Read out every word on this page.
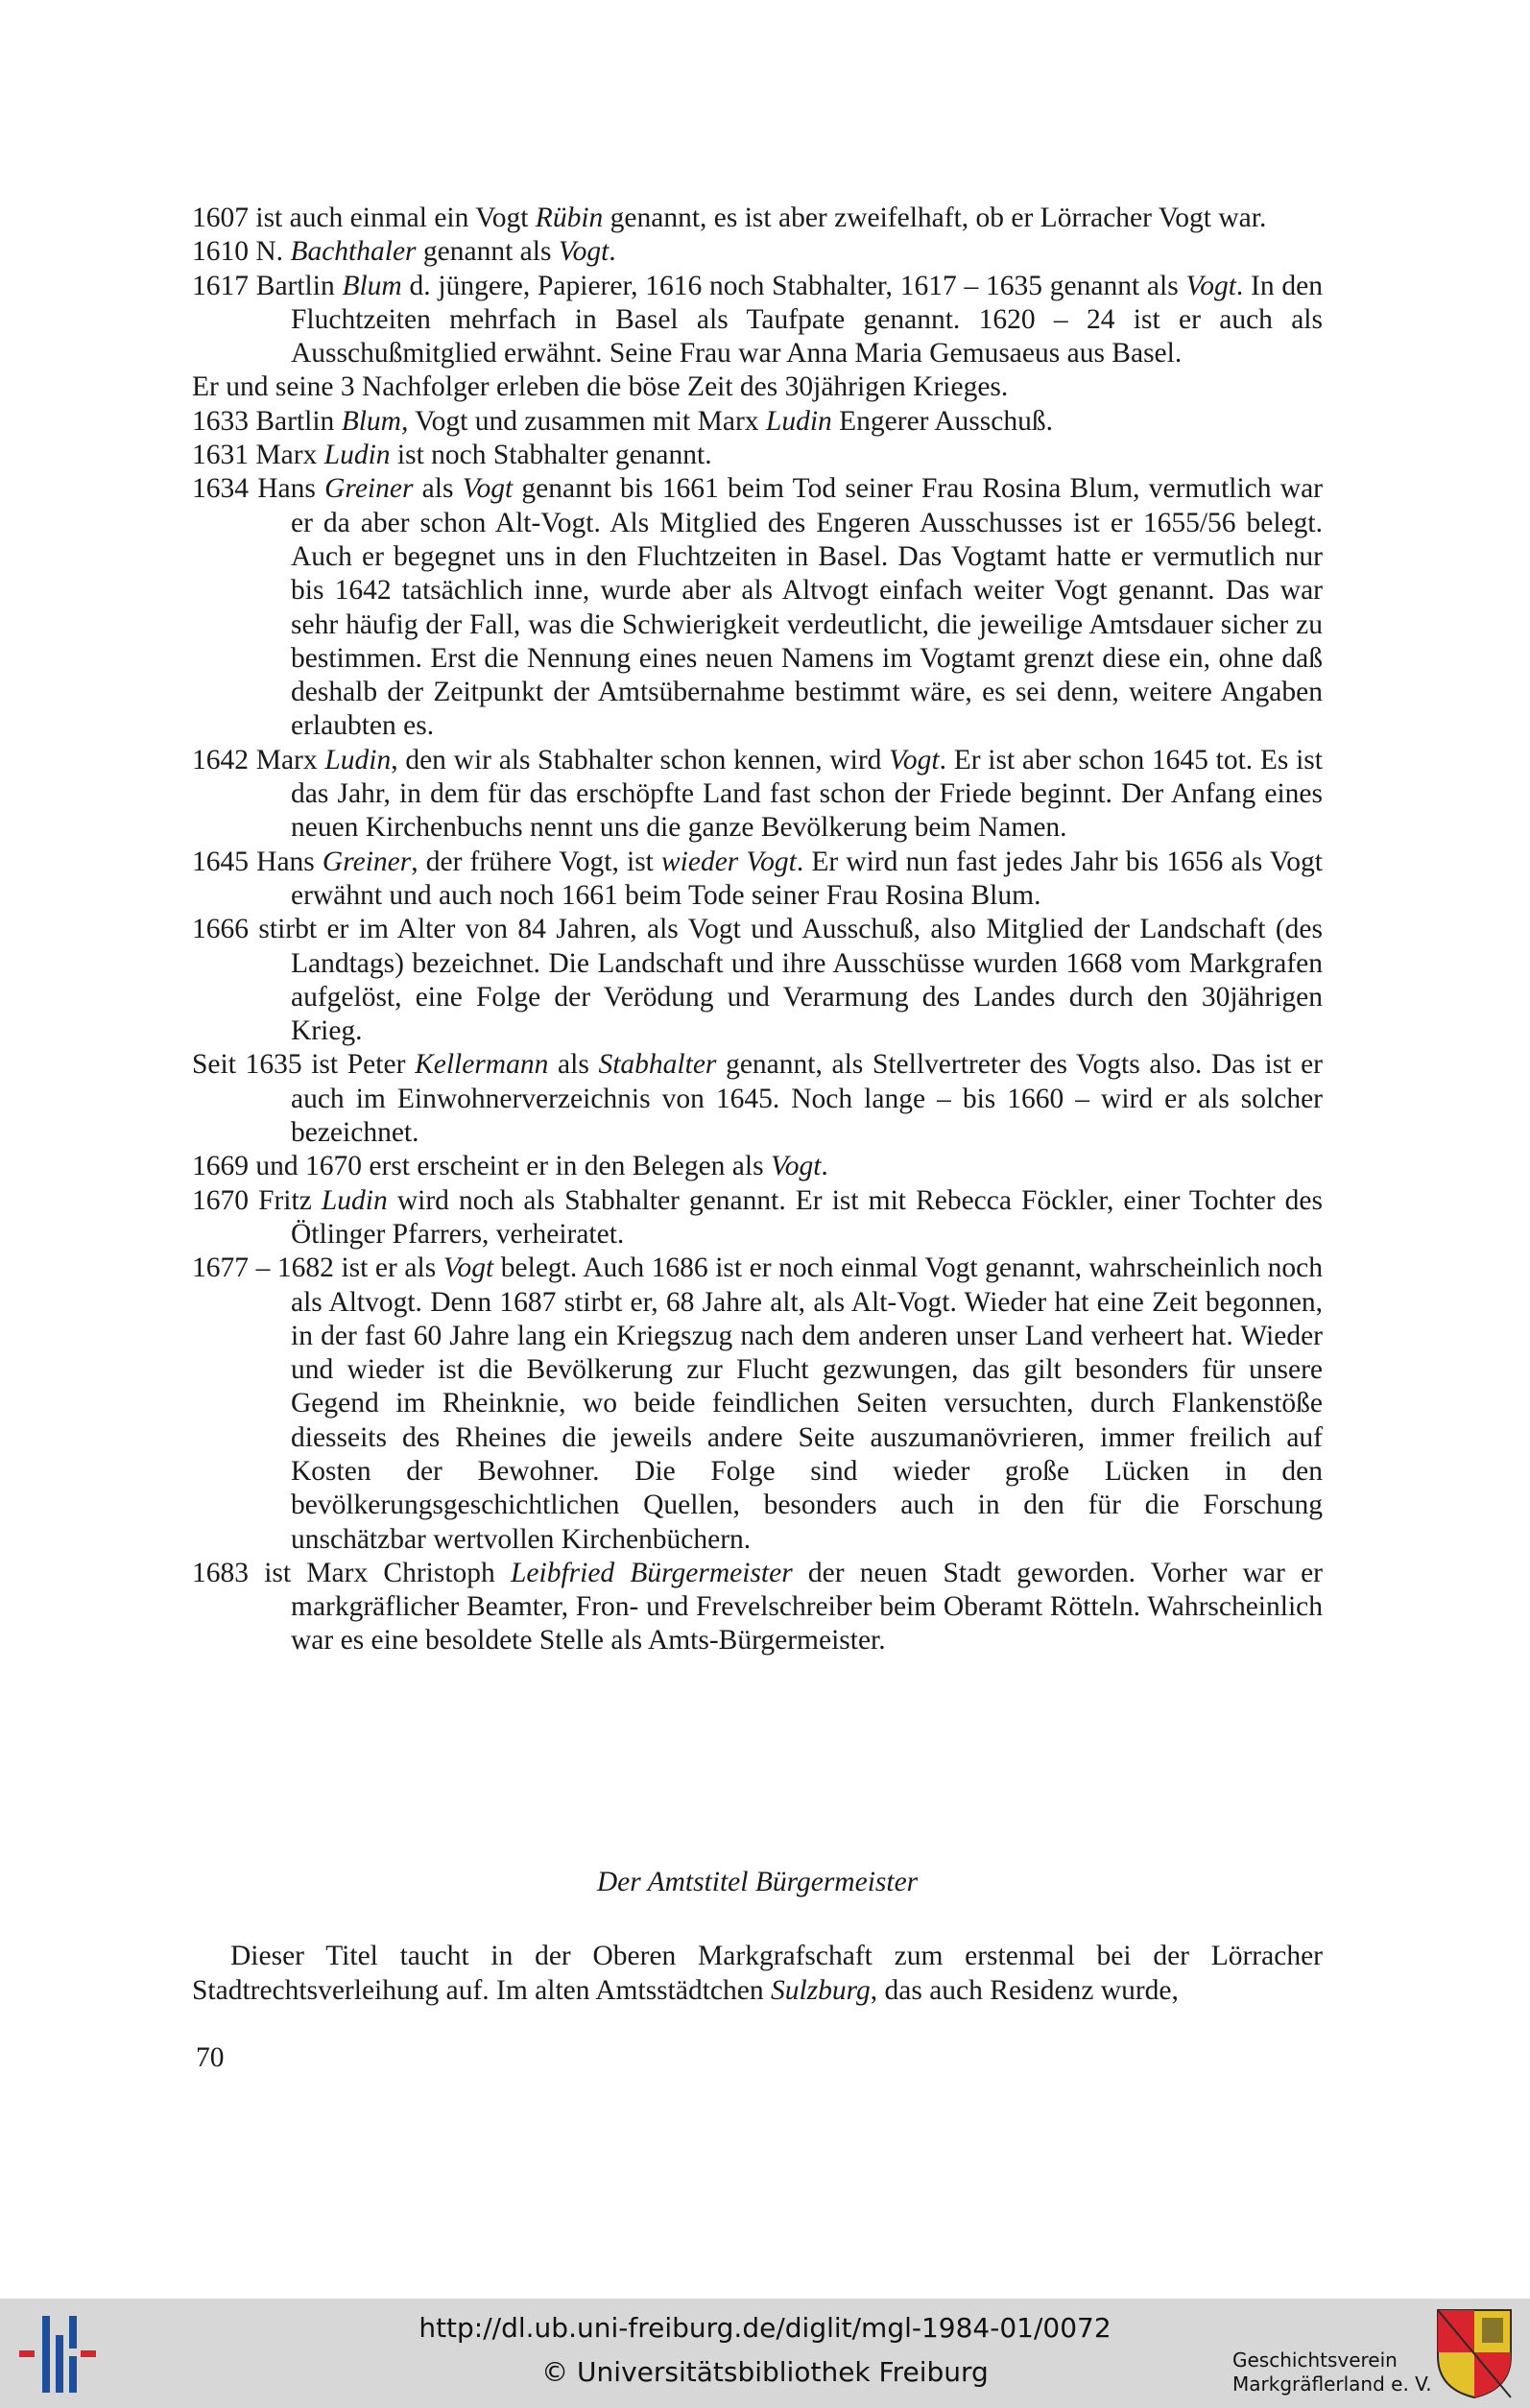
1607 ist auch einmal ein Vogt Rübin genannt, es ist aber zweifelhaft, ob er Lörracher Vogt war.
1610 N. Bachthaler genannt als Vogt.
1617 Bartlin Blum d. jüngere, Papierer, 1616 noch Stabhalter, 1617 – 1635 genannt als Vogt. In den Fluchtzeiten mehrfach in Basel als Taufpate genannt. 1620 – 24 ist er auch als Ausschußmitglied erwähnt. Seine Frau war Anna Maria Gemusaeus aus Basel.
Er und seine 3 Nachfolger erleben die böse Zeit des 30jährigen Krieges.
1633 Bartlin Blum, Vogt und zusammen mit Marx Ludin Engerer Ausschuß.
1631 Marx Ludin ist noch Stabhalter genannt.
1634 Hans Greiner als Vogt genannt bis 1661 beim Tod seiner Frau Rosina Blum, vermutlich war er da aber schon Alt-Vogt. Als Mitglied des Engeren Ausschusses ist er 1655/56 belegt. Auch er begegnet uns in den Fluchtzeiten in Basel. Das Vogtamt hatte er vermutlich nur bis 1642 tatsächlich inne, wurde aber als Altvogt einfach weiter Vogt genannt. Das war sehr häufig der Fall, was die Schwierigkeit verdeutlicht, die jeweilige Amtsdauer sicher zu bestimmen. Erst die Nennung eines neuen Namens im Vogtamt grenzt diese ein, ohne daß deshalb der Zeitpunkt der Amtsübernahme bestimmt wäre, es sei denn, weitere Angaben erlaubten es.
1642 Marx Ludin, den wir als Stabhalter schon kennen, wird Vogt. Er ist aber schon 1645 tot. Es ist das Jahr, in dem für das erschöpfte Land fast schon der Friede beginnt. Der Anfang eines neuen Kirchenbuchs nennt uns die ganze Bevölkerung beim Namen.
1645 Hans Greiner, der frühere Vogt, ist wieder Vogt. Er wird nun fast jedes Jahr bis 1656 als Vogt erwähnt und auch noch 1661 beim Tode seiner Frau Rosina Blum.
1666 stirbt er im Alter von 84 Jahren, als Vogt und Ausschuß, also Mitglied der Landschaft (des Landtags) bezeichnet. Die Landschaft und ihre Ausschüsse wurden 1668 vom Markgrafen aufgelöst, eine Folge der Verödung und Verarmung des Landes durch den 30jährigen Krieg.
Seit 1635 ist Peter Kellermann als Stabhalter genannt, als Stellvertreter des Vogts also. Das ist er auch im Einwohnerverzeichnis von 1645. Noch lange – bis 1660 – wird er als solcher bezeichnet.
1669 und 1670 erst erscheint er in den Belegen als Vogt.
1670 Fritz Ludin wird noch als Stabhalter genannt. Er ist mit Rebecca Föckler, einer Tochter des Ötlinger Pfarrers, verheiratet.
1677 – 1682 ist er als Vogt belegt. Auch 1686 ist er noch einmal Vogt genannt, wahrscheinlich noch als Altvogt. Denn 1687 stirbt er, 68 Jahre alt, als Alt-Vogt. Wieder hat eine Zeit begonnen, in der fast 60 Jahre lang ein Kriegszug nach dem anderen unser Land verheert hat. Wieder und wieder ist die Bevölkerung zur Flucht gezwungen, das gilt besonders für unsere Gegend im Rheinknie, wo beide feindlichen Seiten versuchten, durch Flankenstöße diesseits des Rheines die jeweils andere Seite auszumanövrieren, immer freilich auf Kosten der Bewohner. Die Folge sind wieder große Lücken in den bevölkerungsgeschichtlichen Quellen, besonders auch in den für die Forschung unschätzbar wertvollen Kirchenbüchern.
1683 ist Marx Christoph Leibfried Bürgermeister der neuen Stadt geworden. Vorher war er markgräflicher Beamter, Fron- und Frevelschreiber beim Oberamt Rötteln. Wahrscheinlich war es eine besoldete Stelle als Amts-Bürgermeister.
Der Amtstitel Bürgermeister
Dieser Titel taucht in der Oberen Markgrafschaft zum erstenmal bei der Lörracher Stadtrechtsverleihung auf. Im alten Amtsstädtchen Sulzburg, das auch Residenz wurde,
70
http://dl.ub.uni-freiburg.de/diglit/mgl-1984-01/0072
© Universitätsbibliothek Freiburg	Geschichtsverein
Markgräflerland e. V.
